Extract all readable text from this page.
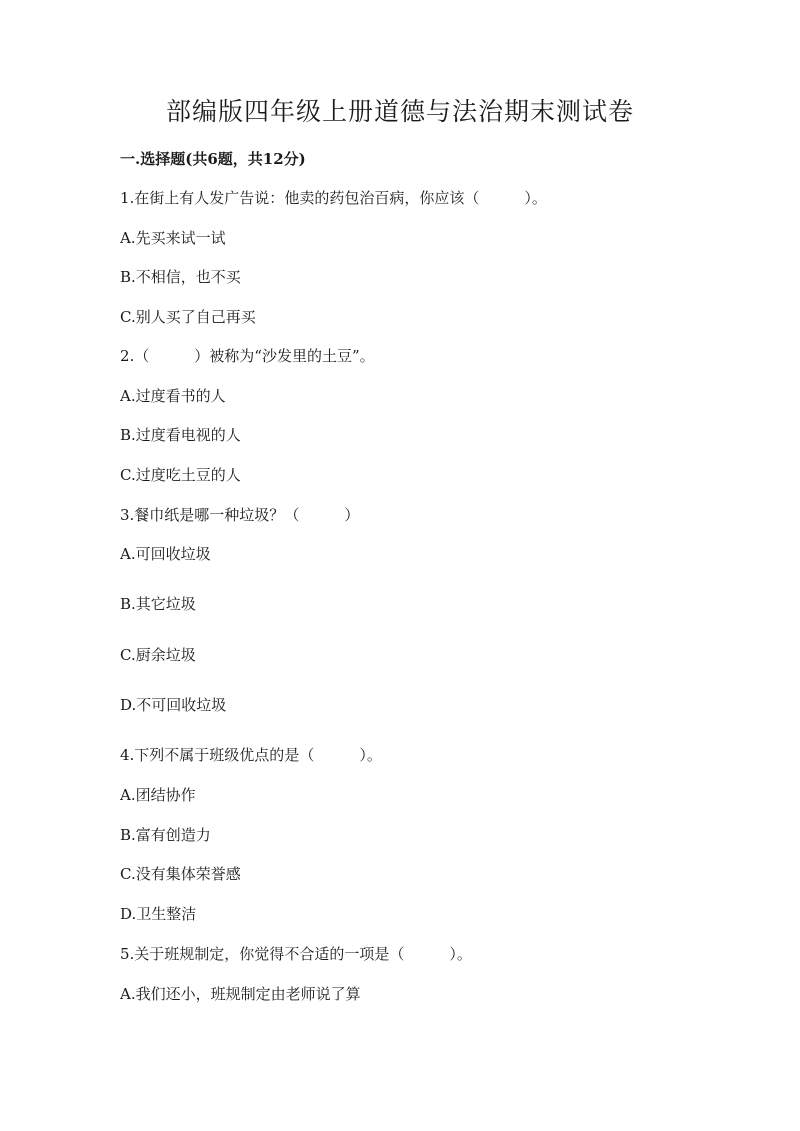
部编版四年级上册道德与法治期末测试卷
一.选择题(共6题，共12分)
1.在街上有人发广告说：他卖的药包治百病，你应该（　　　）。
A.先买来试一试
B.不相信，也不买
C.别人买了自己再买
2.（　　　）被称为“沙发里的土豆”。
A.过度看书的人
B.过度看电视的人
C.过度吃土豆的人
3.餐巾纸是哪一种垃圾？（　　　）
A.可回收垃圾
B.其它垃圾
C.厨余垃圾
D.不可回收垃圾
4.下列不属于班级优点的是（　　　）。
A.团结协作
B.富有创造力
C.没有集体荣誉感
D.卫生整洁
5.关于班规制定，你觉得不合适的一项是（　　　）。
A.我们还小，班规制定由老师说了算
